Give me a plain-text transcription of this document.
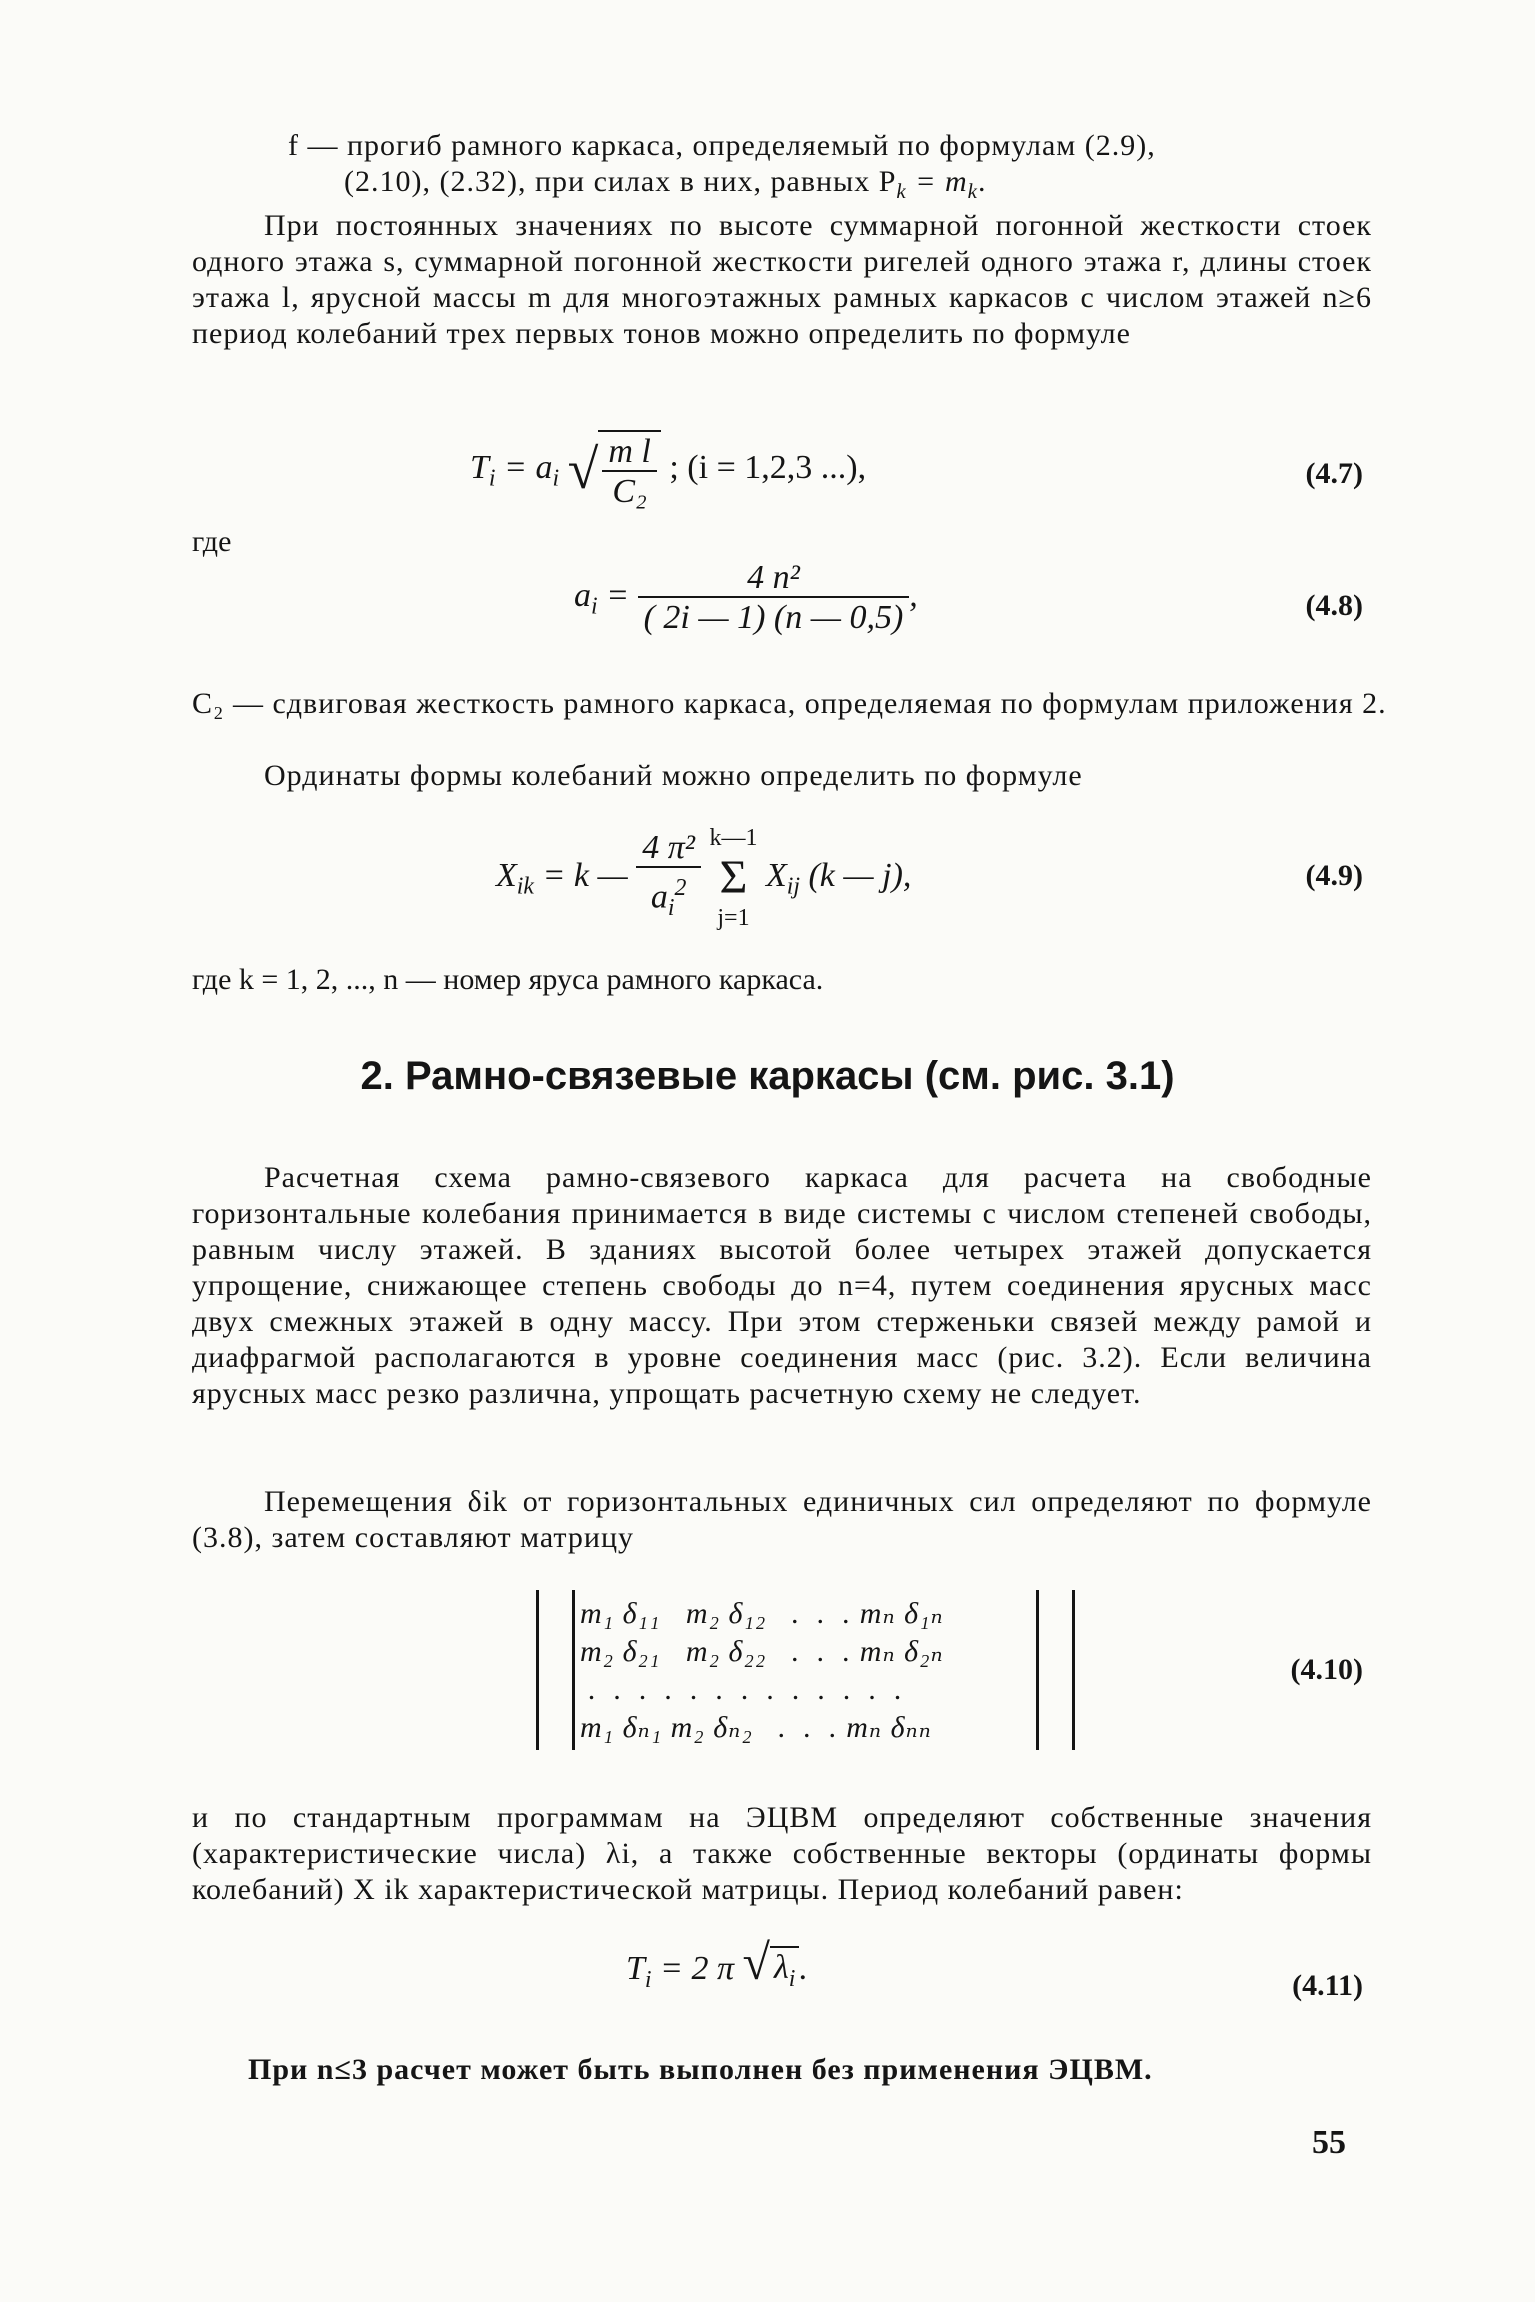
f — прогиб рамного каркаса, определяемый по формулам (2.9),
(2.10), (2.32), при силах в них, равных $P_k = m_k$.

При постоянных значениях по высоте суммарной погонной жесткости стоек одного этажа s, суммарной погонной жесткости ригелей одного этажа r, длины стоек этажа l, ярусной массы m для многоэтажных рамных каркасов с числом этажей n≥6 период колебаний трех первых тонов можно определить по формуле

$T_i = a_i$ √ $\frac{\text{m l}}{\text{C₂}}$ ; (i = 1,2,3 ...),	(4.7)
где
$a_i = \frac{\text{4 n²}}{( 2i — 1) (n — 0,5)}$ ,	(4.8)

C₂ — сдвиговая жесткость рамного каркаса, определяемая по формулам приложения 2.

Ординаты формы колебаний можно определить по формуле

$X_{ik} = k$ — $\frac{\text{4 π²}}{a_i^2}$
k—1
Σ
j=1
$X_{ij}$ (k — j),	(4.9)
где k = 1, 2, ..., n — номер яруса рамного каркаса.
2. Рамно-связевые каркасы (см. рис. 3.1)

Расчетная схема рамно-связевого каркаса для расчета на свободные горизонтальные колебания принимается в виде системы с числом степеней свободы, равным числу этажей. В зданиях высотой более четырех этажей допускается упрощение, снижающее степень свободы до n=4, путем соединения ярусных масс двух смежных этажей в одну массу. При этом стерженьки связей между рамой и диафрагмой располагаются в уровне соединения масс (рис. 3.2). Если величина ярусных масс резко различна, упрощать расчетную схему не следует.

Перемещения δik от горизонтальных единичных сил определяют по формуле (3.8), затем составляют матрицу

m₁ δ₁₁   m₂ δ₁₂   .  .  . mₙ δ₁ₙ
m₂ δ₂₁   m₂ δ₂₂   .  .  . mₙ δ₂ₙ
.  .  .  .  .  .  .  .  .  .  .  .  .
m₁ δₙ₁ m₂ δₙ₂   .  .  . mₙ δₙₙ
(4.10)

и по стандартным программам на ЭЦВМ определяют собственные значения (характеристические числа) λi, а также собственные векторы (ординаты формы колебаний) X ik характеристической матрицы. Период колебаний равен:

$T_i = 2$ π √ $\lambda_i$ .	(4.11)

При n≤3 расчет может быть выполнен без применения ЭЦВМ.

55
